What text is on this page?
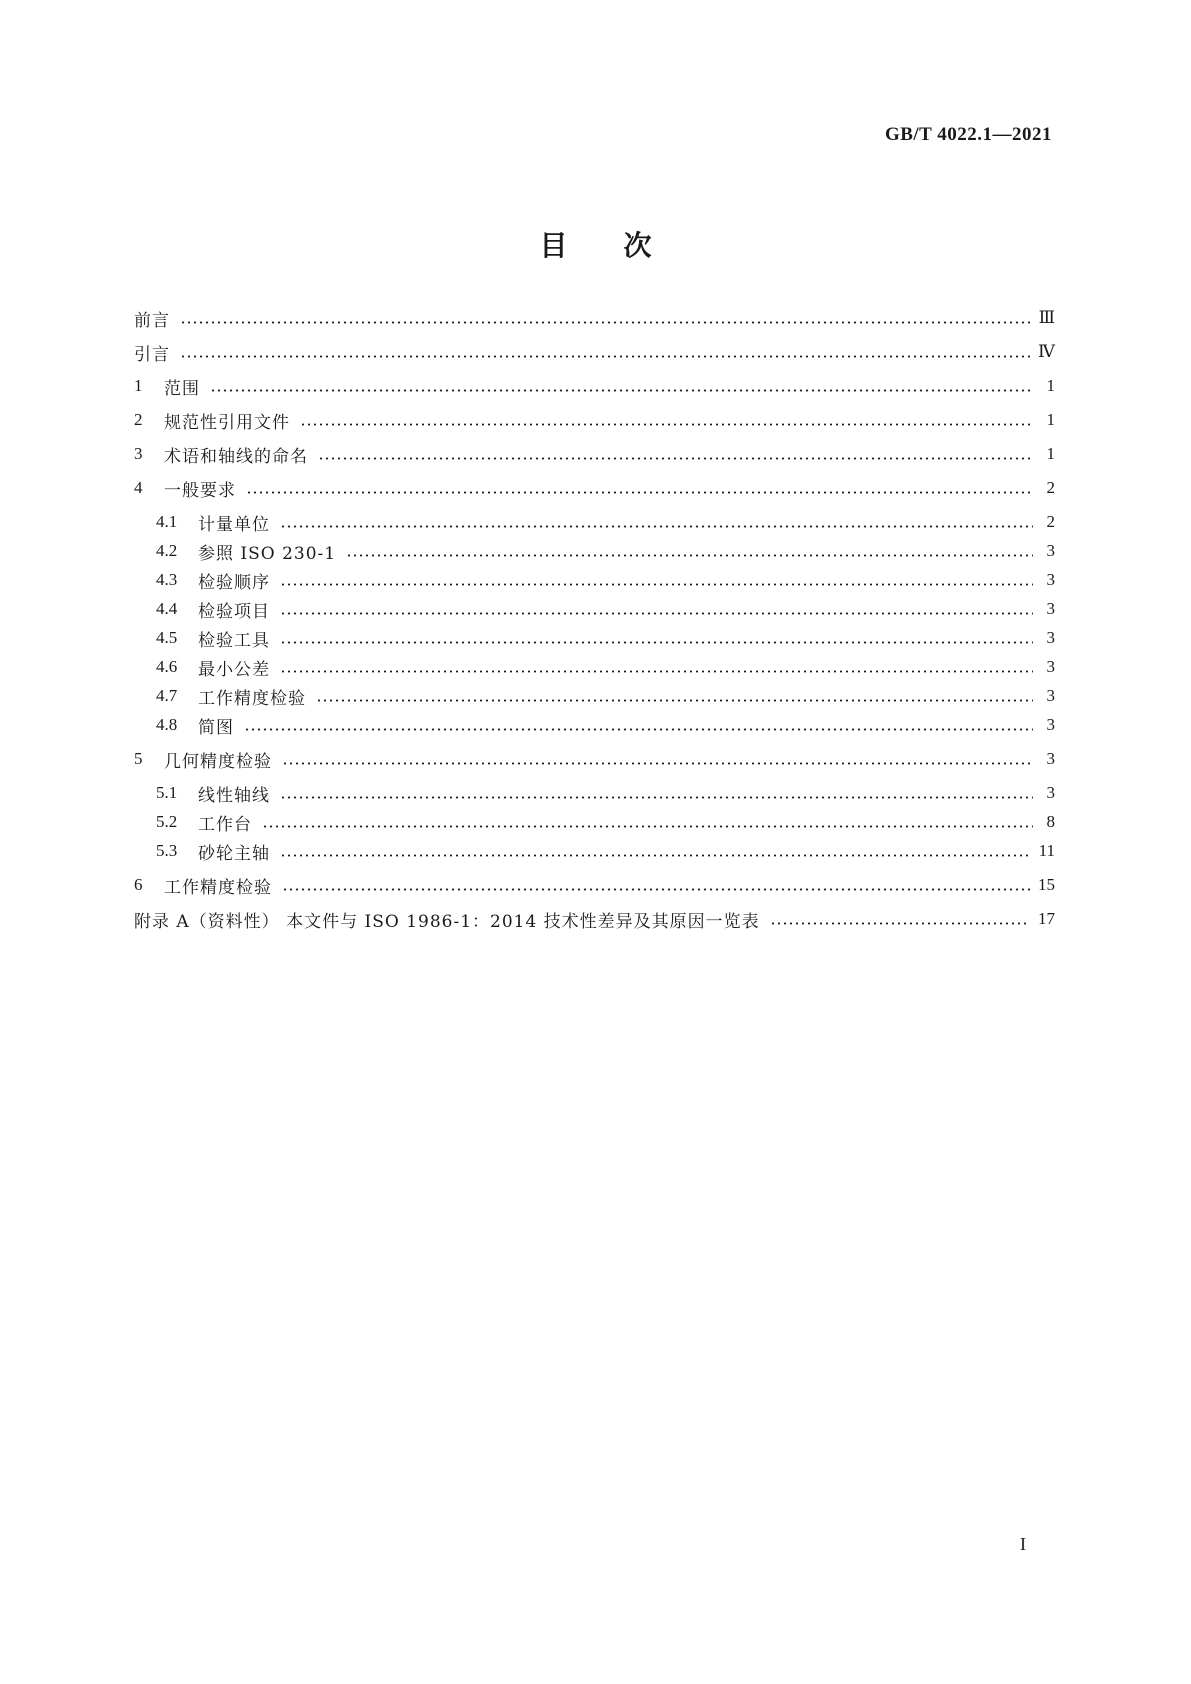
GB/T 4022.1—2021
目次
前言	Ⅲ
引言	Ⅳ
1	范围	1
2	规范性引用文件	1
3	术语和轴线的命名	1
4	一般要求	2
4.1	计量单位	2
4.2	参照 ISO 230-1	3
4.3	检验顺序	3
4.4	检验项目	3
4.5	检验工具	3
4.6	最小公差	3
4.7	工作精度检验	3
4.8	简图	3
5	几何精度检验	3
5.1	线性轴线	3
5.2	工作台	8
5.3	砂轮主轴	11
6	工作精度检验	15
附录 A（资料性） 本文件与 ISO 1986-1：2014 技术性差异及其原因一览表	17
I
